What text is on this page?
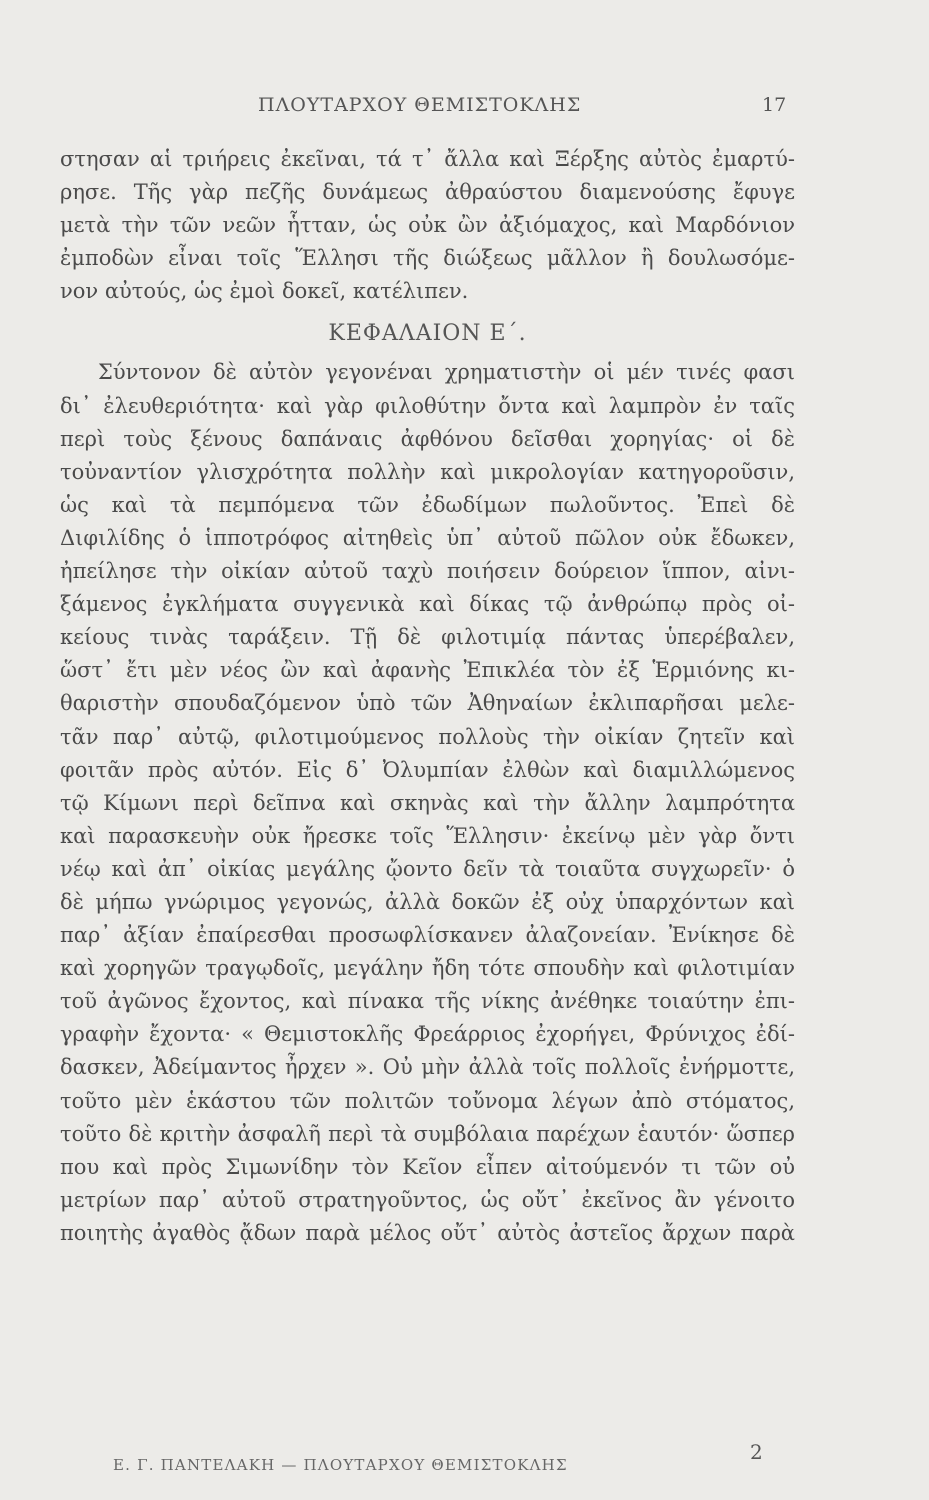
ΠΛΟΥΤΑΡΧΟΥ ΘΕΜΙΣΤΟΚΛΗΣ	17
στησαν αἱ τριήρεις ἐκεῖναι, τά τ᾽ ἄλλα καὶ Ξέρξης αὐτὸς ἐμαρτύ-
ρησε. Τῆς γὰρ πεζῆς δυνάμεως ἀθραύστου διαμενούσης ἔφυγε
μετὰ τὴν τῶν νεῶν ἧτταν, ὡς οὐκ ὢν ἀξιόμαχος, καὶ Μαρδόνιον
ἐμποδὼν εἶναι τοῖς Ἕλλησι τῆς διώξεως μᾶλλον ἢ δουλωσόμε-
νον αὐτούς, ὡς ἐμοὶ δοκεῖ, κατέλιπεν.
ΚΕΦΑΛΑΙΟΝ Ε΄.
Σύντονον δὲ αὐτὸν γεγονέναι χρηματιστὴν οἱ μέν τινές φασι
δι᾽ ἐλευθεριότητα· καὶ γὰρ φιλοθύτην ὄντα καὶ λαμπρὸν ἐν ταῖς
περὶ τοὺς ξένους δαπάναις ἀφθόνου δεῖσθαι χορηγίας· οἱ δὲ
τοὐναντίον γλισχρότητα πολλὴν καὶ μικρολογίαν κατηγοροῦσιν,
ὡς καὶ τὰ πεμπόμενα τῶν ἐδωδίμων πωλοῦντος. Ἐπεὶ δὲ
Διφιλίδης ὁ ἱπποτρόφος αἰτηθεὶς ὑπ᾽ αὐτοῦ πῶλον οὐκ ἔδωκεν,
ἠπείλησε τὴν οἰκίαν αὐτοῦ ταχὺ ποιήσειν δούρειον ἵππον, αἰνι-
ξάμενος ἐγκλήματα συγγενικὰ καὶ δίκας τῷ ἀνθρώπῳ πρὸς οἰ-
κείους τινὰς ταράξειν. Τῇ δὲ φιλοτιμίᾳ πάντας ὑπερέβαλεν,
ὥστ᾽ ἔτι μὲν νέος ὢν καὶ ἀφανὴς Ἐπικλέα τὸν ἐξ Ἑρμιόνης κι-
θαριστὴν σπουδαζόμενον ὑπὸ τῶν Ἀθηναίων ἐκλιπαρῆσαι μελε-
τᾶν παρ᾽ αὐτῷ, φιλοτιμούμενος πολλοὺς τὴν οἰκίαν ζητεῖν καὶ
φοιτᾶν πρὸς αὐτόν. Εἰς δ᾽ Ὀλυμπίαν ἐλθὼν καὶ διαμιλλώμενος
τῷ Κίμωνι περὶ δεῖπνα καὶ σκηνὰς καὶ τὴν ἄλλην λαμπρότητα
καὶ παρασκευὴν οὐκ ἤρεσκε τοῖς Ἕλλησιν· ἐκείνῳ μὲν γὰρ ὄντι
νέῳ καὶ ἀπ᾽ οἰκίας μεγάλης ᾤοντο δεῖν τὰ τοιαῦτα συγχωρεῖν· ὁ
δὲ μήπω γνώριμος γεγονώς, ἀλλὰ δοκῶν ἐξ οὐχ ὑπαρχόντων καὶ
παρ᾽ ἀξίαν ἐπαίρεσθαι προσωφλίσκανεν ἀλαζονείαν. Ἐνίκησε δὲ
καὶ χορηγῶν τραγῳδοῖς, μεγάλην ἤδη τότε σπουδὴν καὶ φιλοτιμίαν
τοῦ ἀγῶνος ἔχοντος, καὶ πίνακα τῆς νίκης ἀνέθηκε τοιαύτην ἐπι-
γραφὴν ἔχοντα· « Θεμιστοκλῆς Φρεάρριος ἐχορήγει, Φρύνιχος ἐδί-
δασκεν, Ἀδείμαντος ἦρχεν ». Οὐ μὴν ἀλλὰ τοῖς πολλοῖς ἐνήρμοττε,
τοῦτο μὲν ἑκάστου τῶν πολιτῶν τοὔνομα λέγων ἀπὸ στόματος,
τοῦτο δὲ κριτὴν ἀσφαλῆ περὶ τὰ συμβόλαια παρέχων ἑαυτόν· ὥσπερ
που καὶ πρὸς Σιμωνίδην τὸν Κεῖον εἶπεν αἰτούμενόν τι τῶν οὐ
μετρίων παρ᾽ αὐτοῦ στρατηγοῦντος, ὡς οὔτ᾽ ἐκεῖνος ἂν γένοιτο
ποιητὴς ἀγαθὸς ᾄδων παρὰ μέλος οὔτ᾽ αὐτὸς ἀστεῖος ἄρχων παρὰ
Ε. Γ. ΠΑΝΤΕΛΑΚΗ — ΠΛΟΥΤΑΡΧΟΥ ΘΕΜΙΣΤΟΚΛΗΣ
2
